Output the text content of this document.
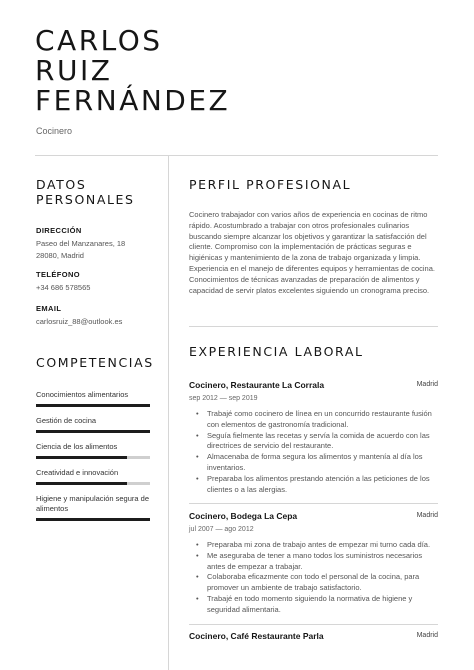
CARLOS
RUIZ
FERNÁNDEZ
Cocinero
DATOS
PERSONALES
DIRECCIÓN
Paseo del Manzanares, 18
28080, Madrid
TELÉFONO
+34 686 578565
EMAIL
carlosruiz_88@outlook.es
COMPETENCIAS
Conocimientos alimentarios
Gestión de cocina
Ciencia de los alimentos
Creatividad e innovación
Higiene y manipulación segura de alimentos
PERFIL PROFESIONAL
Cocinero trabajador con varios años de experiencia en cocinas de ritmo rápido. Acostumbrado a trabajar con otros profesionales culinarios buscando siempre alcanzar los objetivos y garantizar la satisfacción del cliente. Compromiso con la implementación de prácticas seguras e higiénicas y mantenimiento de la zona de trabajo organizada y limpia. Experiencia en el manejo de diferentes equipos y herramientas de cocina. Conocimientos de técnicas avanzadas de preparación de alimentos y capacidad de servir platos excelentes siguiendo un cronograma preciso.
EXPERIENCIA LABORAL
Cocinero, Restaurante La Corrala	Madrid
sep 2012 — sep 2019
• Trabajé como cocinero de línea en un concurrido restaurante fusión con elementos de gastronomía tradicional.
• Seguía fielmente las recetas y servía la comida de acuerdo con las directrices de servicio del restaurante.
• Almacenaba de forma segura los alimentos y mantenía al día los inventarios.
• Preparaba los alimentos prestando atención a las peticiones de los clientes o a las alergias.
Cocinero, Bodega La Cepa	Madrid
jul 2007 — ago 2012
• Preparaba mi zona de trabajo antes de empezar mi turno cada día.
• Me aseguraba de tener a mano todos los suministros necesarios antes de empezar a trabajar.
• Colaboraba eficazmente con todo el personal de la cocina, para promover un ambiente de trabajo satisfactorio.
• Trabajé en todo momento siguiendo la normativa de higiene y seguridad alimentaria.
Cocinero, Café Restaurante Parla	Madrid
